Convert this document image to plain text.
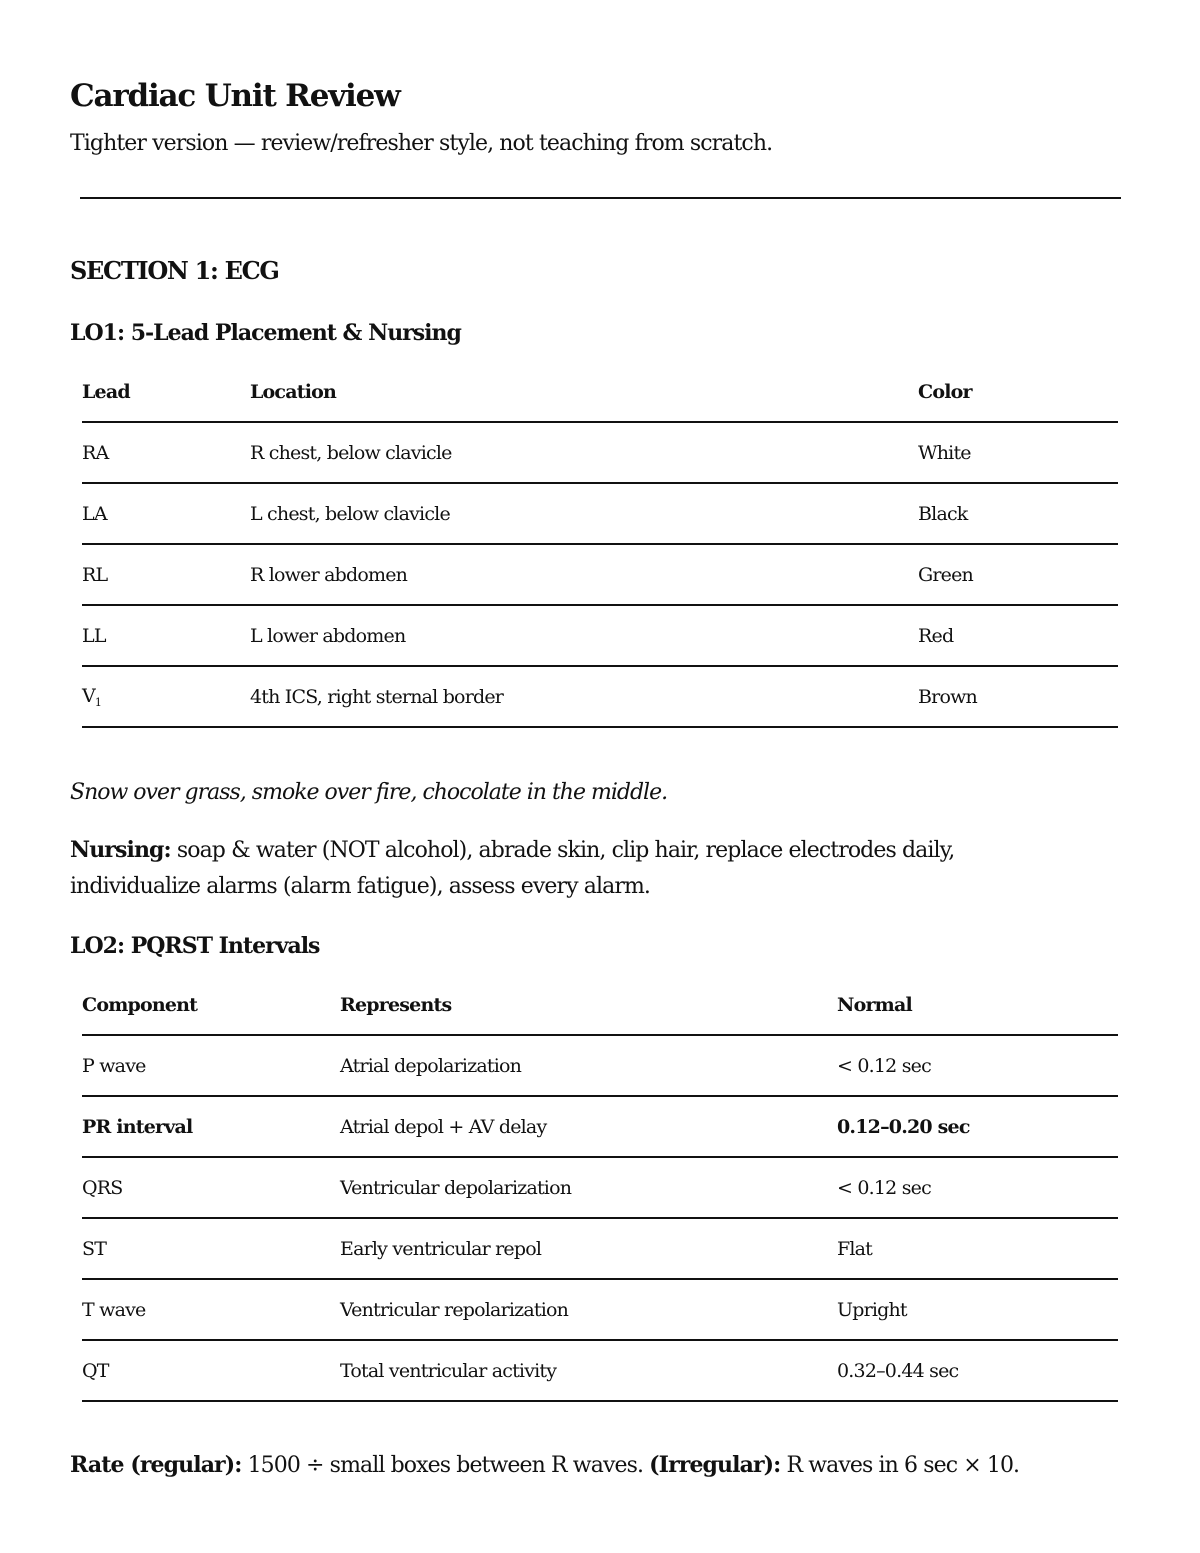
Cardiac Unit Review
Tighter version — review/refresher style, not teaching from scratch.
SECTION 1: ECG
LO1: 5-Lead Placement & Nursing
Lead	Location	Color
RA	R chest, below clavicle	White
LA	L chest, below clavicle	Black
RL	R lower abdomen	Green
LL	L lower abdomen	Red
$V_1$	4th ICS, right sternal border	Brown
Snow over grass, smoke over fire, chocolate in the middle.
Nursing: soap & water (NOT alcohol), abrade skin, clip hair, replace electrodes daily, individualize alarms (alarm fatigue), assess every alarm.
LO2: PQRST Intervals
Component	Represents	Normal
P wave	Atrial depolarization	< 0.12 sec
PR interval	Atrial depol + AV delay	0.12–0.20 sec
QRS	Ventricular depolarization	< 0.12 sec
ST	Early ventricular repol	Flat
T wave	Ventricular repolarization	Upright
QT	Total ventricular activity	0.32–0.44 sec
Rate (regular): 1500 ÷ small boxes between R waves. (Irregular): R waves in 6 sec × 10.
